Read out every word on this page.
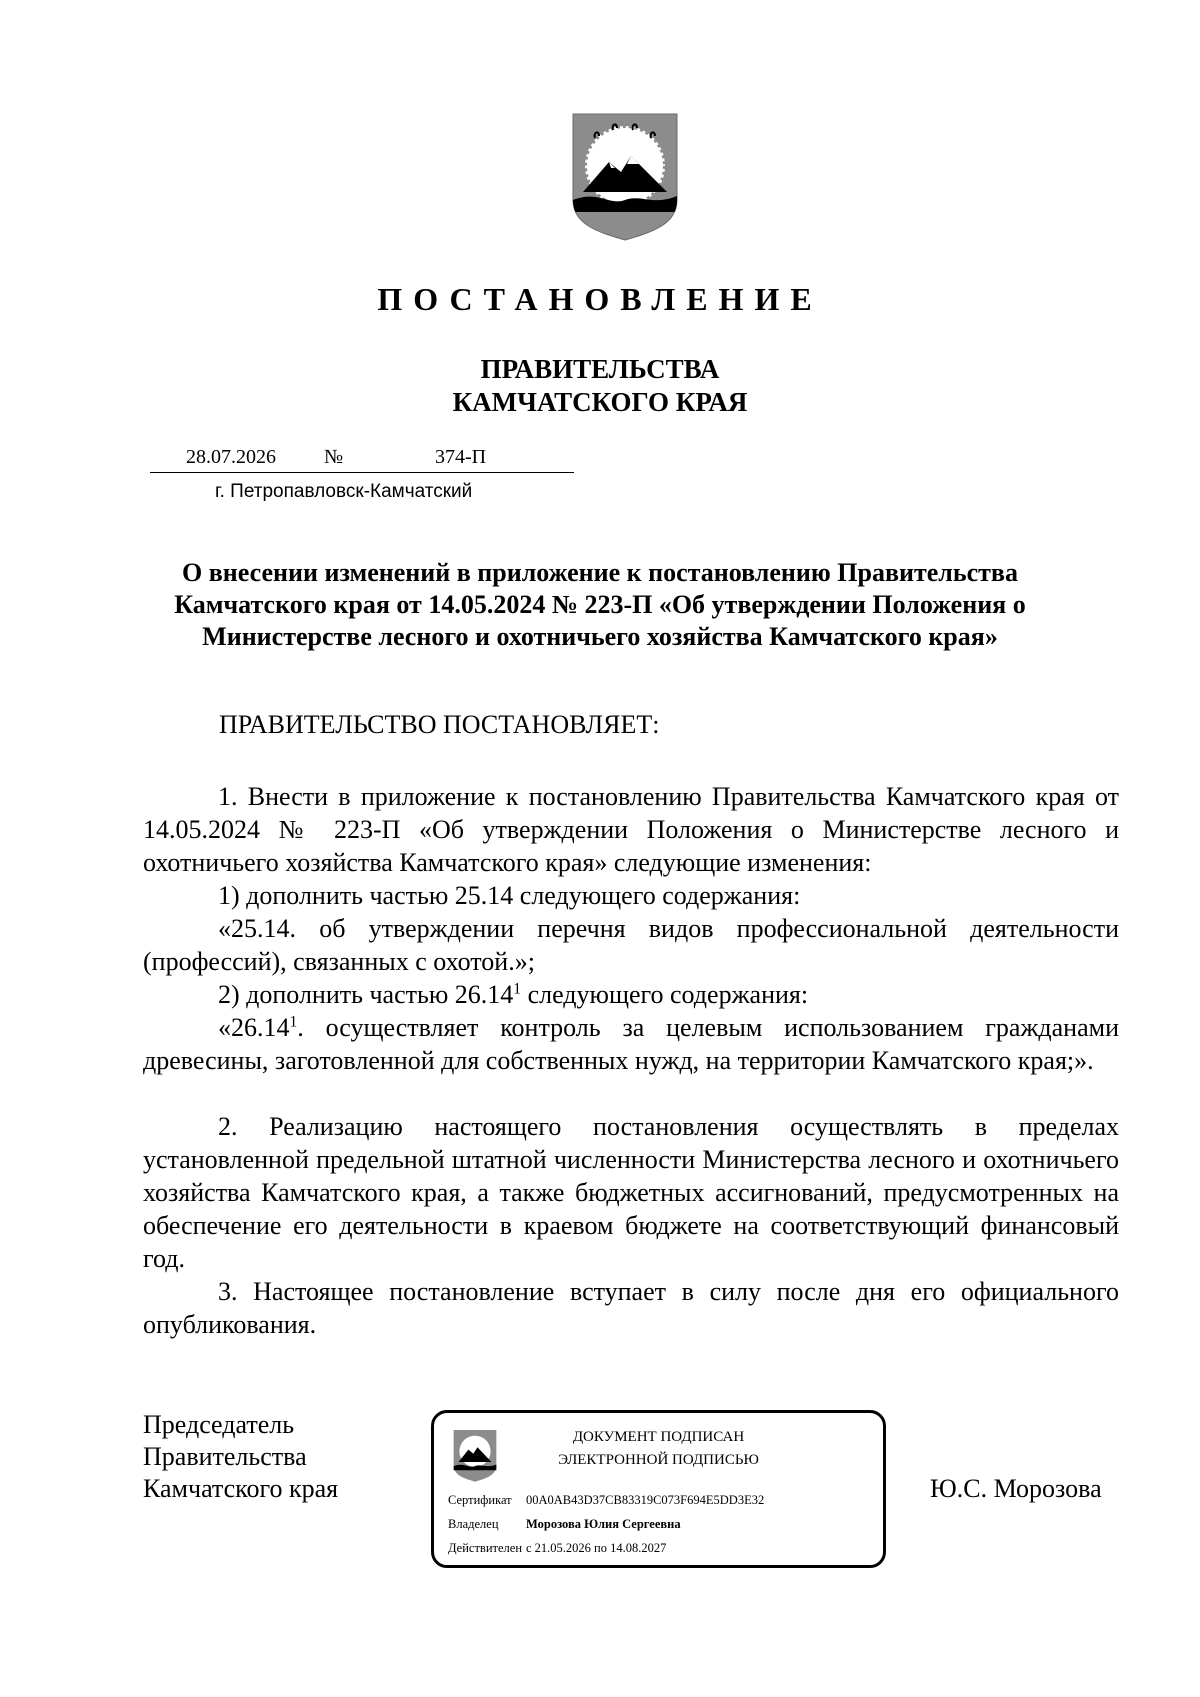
ПОСТАНОВЛЕНИЕ
ПРАВИТЕЛЬСТВА
КАМЧАТСКОГО КРАЯ
28.07.2026 №	374-П
г. Петропавловск-Камчатский
О внесении изменений в приложение к постановлению Правительства
Камчатского края от 14.05.2024 № 223-П «Об утверждении Положения о
Министерстве лесного и охотничьего хозяйства Камчатского края»
ПРАВИТЕЛЬСТВО ПОСТАНОВЛЯЕТ:
1. Внести в приложение к постановлению Правительства Камчатского края от 14.05.2024 № 223-П «Об утверждении Положения о Министерстве лесного и охотничьего хозяйства Камчатского края» следующие изменения:
1) дополнить частью 25.14 следующего содержания:
«25.14. об утверждении перечня видов профессиональной деятельности (профессий), связанных с охотой.»;
2) дополнить частью 26.14$^1$ следующего содержания:
«26.14$^1$. осуществляет контроль за целевым использованием гражданами древесины, заготовленной для собственных нужд, на территории Камчатского края;».
2. Реализацию настоящего постановления осуществлять в пределах установленной предельной штатной численности Министерства лесного и охотничьего хозяйства Камчатского края, а также бюджетных ассигнований, предусмотренных на обеспечение его деятельности в краевом бюджете на соответствующий финансовый год.
3. Настоящее постановление вступает в силу после дня его официального опубликования.
Председатель
Правительства
Камчатского края
ДОКУМЕНТ ПОДПИСАН
ЭЛЕКТРОННОЙ ПОДПИСЬЮ
Сертификат 00A0AB43D37CB83319C073F694E5DD3E32
Владелец Морозова Юлия Сергеевна
Действителен с 21.05.2026 по 14.08.2027
Ю.С. Морозова
